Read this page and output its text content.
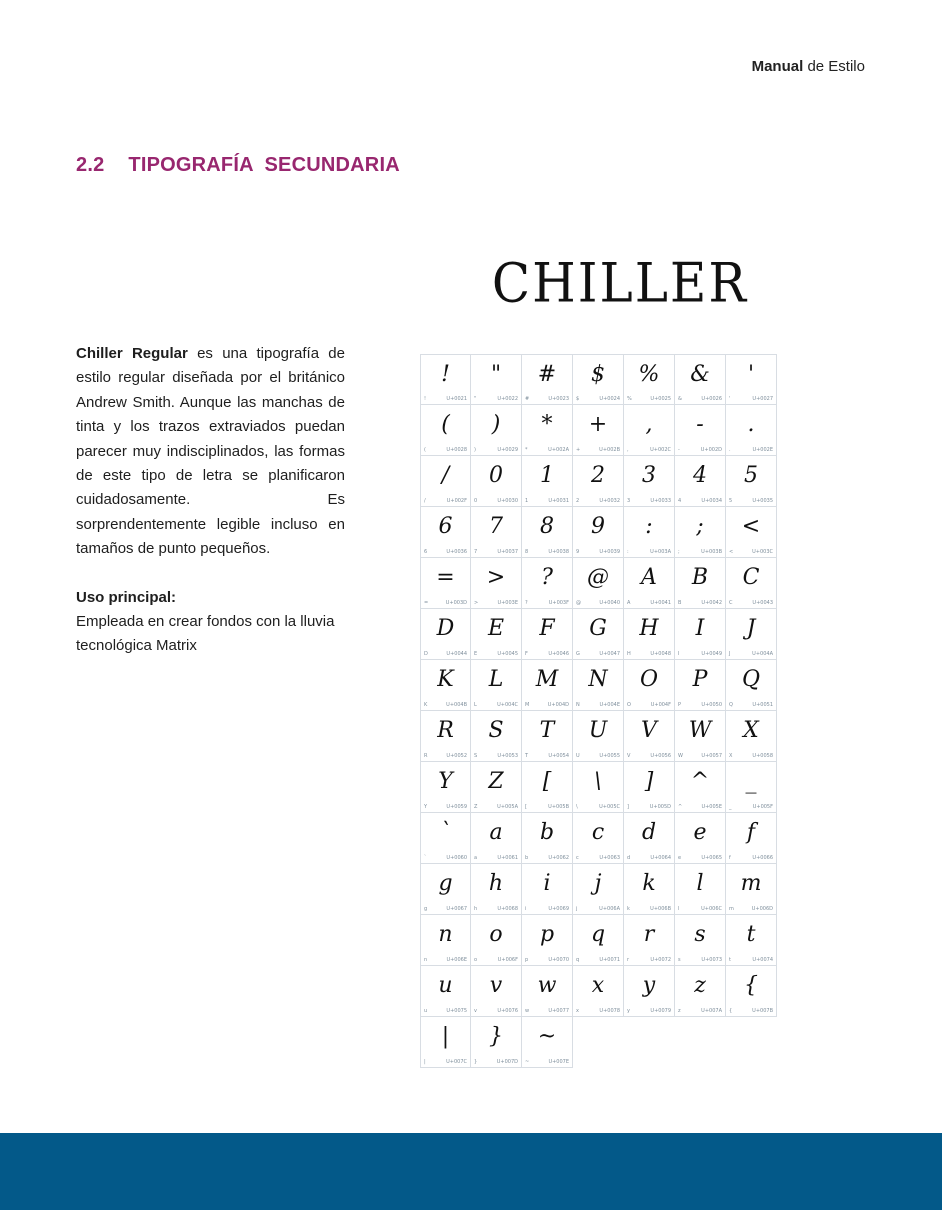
Manual de Estilo
2.2 TIPOGRAFÍA  SECUNDARIA
CHILLER

Chiller Regular es una tipografía de estilo regular diseñada por el británico Andrew Smith. Aunque las manchas de tinta y los trazos extraviados puedan parecer muy indisciplinados, las formas de este tipo de letra se planificaron cuidadosamente. Es sorprendentemente legible incluso en tamaños de punto pequeños.

Uso principal:

Empleada en crear fondos con la lluvia tecnológica Matrix

!
!	U+0021
"
"	U+0022
#
#	U+0023
$
$	U+0024
%
%	U+0025
&
&	U+0026
'
'	U+0027
(
(	U+0028
)
)	U+0029
*
*	U+002A
+
+	U+002B
,
,	U+002C
-
-	U+002D
.
.	U+002E
/
/	U+002F
0
0	U+0030
1
1	U+0031
2
2	U+0032
3
3	U+0033
4
4	U+0034
5
5	U+0035
6
6	U+0036
7
7	U+0037
8
8	U+0038
9
9	U+0039
:
:	U+003A
;
;	U+003B
<
<	U+003C
=
=	U+003D
>
>	U+003E
?
?	U+003F
@
@	U+0040
A
A	U+0041
B
B	U+0042
C
C	U+0043
D
D	U+0044
E
E	U+0045
F
F	U+0046
G
G	U+0047
H
H	U+0048
I
I	U+0049
J
J	U+004A
K
K	U+004B
L
L	U+004C
M
M	U+004D
N
N	U+004E
O
O	U+004F
P
P	U+0050
Q
Q	U+0051
R
R	U+0052
S
S	U+0053
T
T	U+0054
U
U	U+0055
V
V	U+0056
W
W	U+0057
X
X	U+0058
Y
Y	U+0059
Z
Z	U+005A
[
[	U+005B
\
\	U+005C
]
]	U+005D
^
^	U+005E
_
_	U+005F
`
`	U+0060
a
a	U+0061
b
b	U+0062
c
c	U+0063
d
d	U+0064
e
e	U+0065
f
f	U+0066
g
g	U+0067
h
h	U+0068
i
i	U+0069
j
j	U+006A
k
k	U+006B
l
l	U+006C
m
m	U+006D
n
n	U+006E
o
o	U+006F
p
p	U+0070
q
q	U+0071
r
r	U+0072
s
s	U+0073
t
t	U+0074
u
u	U+0075
v
v	U+0076
w
w	U+0077
x
x	U+0078
y
y	U+0079
z
z	U+007A
{
{	U+007B
|
|	U+007C
}
}	U+007D
~
~	U+007E
